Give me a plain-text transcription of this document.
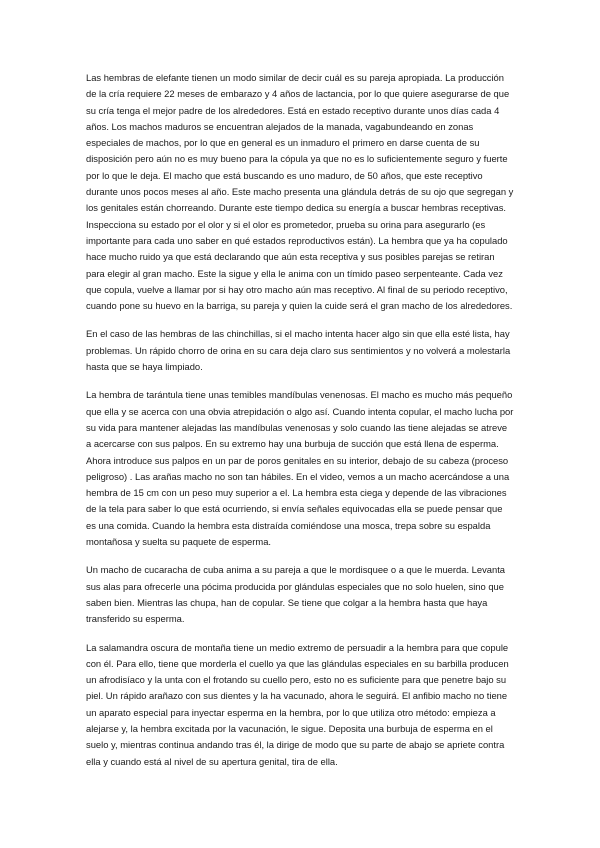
Las hembras de elefante tienen un modo similar de decir cuál es su pareja apropiada. La producción de la cría requiere 22 meses de embarazo y 4 años de lactancia, por lo que quiere asegurarse de que su cría tenga el mejor padre de los alrededores. Está en estado receptivo durante unos días cada 4 años. Los machos maduros se encuentran alejados de la manada, vagabundeando en zonas especiales de machos, por lo que en general es un inmaduro el primero en darse cuenta de su disposición pero aún no es muy bueno para la cópula ya que no es lo suficientemente seguro y fuerte por lo que le deja. El macho que está buscando es uno maduro, de 50 años, que este receptivo durante unos pocos meses al año. Este macho presenta una glándula detrás de su ojo que segregan y los genitales están chorreando. Durante este tiempo dedica su energía a buscar hembras receptivas. Inspecciona su estado por el olor y si el olor es prometedor, prueba su orina para asegurarlo (es importante para cada uno saber en qué estados reproductivos están). La hembra que ya ha copulado hace mucho ruido ya que está declarando que aún esta receptiva y sus posibles parejas se retiran para elegir al gran macho. Este la sigue y ella le anima con un tímido paseo serpenteante. Cada vez que copula, vuelve a llamar por si hay otro macho aún mas receptivo. Al final de su periodo receptivo, cuando pone su huevo en la barriga, su pareja y quien la cuide será el gran macho de los alrededores.

En el caso de las hembras de las chinchillas, si el macho intenta hacer algo sin que ella esté lista, hay problemas. Un rápido chorro de orina en su cara deja claro sus sentimientos y no volverá a molestarla hasta que se haya limpiado.

La hembra de tarántula tiene unas temibles mandíbulas venenosas. El macho es mucho más pequeño que ella y se acerca con una obvia atrepidación o algo así. Cuando intenta copular, el macho lucha por su vida para mantener alejadas las mandíbulas venenosas y solo cuando las tiene alejadas se atreve a acercarse con sus palpos. En su extremo hay una burbuja de succión que está llena de esperma. Ahora introduce sus palpos en un par de poros genitales en su interior, debajo de su cabeza (proceso peligroso) . Las arañas macho no son tan hábiles. En el video, vemos a un macho acercándose a una hembra de 15 cm con un peso muy superior a el. La hembra esta ciega y depende de las vibraciones de la tela para saber lo que está ocurriendo, si envía señales equivocadas ella se puede pensar que es una comida. Cuando la hembra esta distraída comiéndose una mosca, trepa sobre su espalda montañosa y suelta su paquete de esperma.

Un macho de cucaracha de cuba anima a su pareja a que le mordisquee o a que le muerda. Levanta sus alas para ofrecerle una pócima producida por glándulas especiales que no solo huelen, sino que saben bien. Mientras las chupa, han de copular. Se tiene que colgar a la hembra hasta que haya transferido su esperma.

La salamandra oscura de montaña tiene un medio extremo de persuadir a la hembra para que copule con él. Para ello, tiene que morderla el cuello ya que las glándulas especiales en su barbilla producen un afrodisíaco y la unta con el frotando su cuello pero, esto no es suficiente para que penetre bajo su piel. Un rápido arañazo con sus dientes y la ha vacunado, ahora le seguirá. El anfibio macho no tiene un aparato especial para inyectar esperma en la hembra, por lo que utiliza otro método: empieza a alejarse y, la hembra excitada por la vacunación, le sigue. Deposita una burbuja de esperma en el suelo y, mientras continua andando tras él, la dirige de modo que su parte de abajo se apriete contra ella y cuando está al nivel de su apertura genital, tira de ella.
